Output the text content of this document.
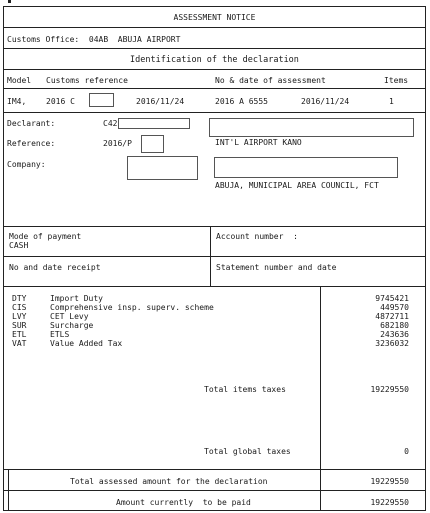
ASSESSMENT NOTICE
Customs Office:  04AB  ABUJA AIRPORT
Identification of the declaration
Model Customs reference	No & date of assessment	Items
IM4, 2016 C	2016/11/24	2016 A 6555	2016/11/24	1
Declarant:	C42
Reference:	2016/P	INT'L AIRPORT KANO
Company:
ABUJA, MUNICIPAL AREA COUNCIL, FCT
Mode of payment
CASH
Account number  :
No and date receipt	Statement number and date
DTY	Import Duty	9745421
CIS	Comprehensive insp. superv. scheme	449570
LVY	CET Levy	4872711
SUR	Surcharge	682180
ETL	ETLS	243636
VAT	Value Added Tax	3236032
Total items taxes	19229550
Total global taxes	0
Total assessed amount for the declaration	19229550
Amount currently  to be paid	19229550
